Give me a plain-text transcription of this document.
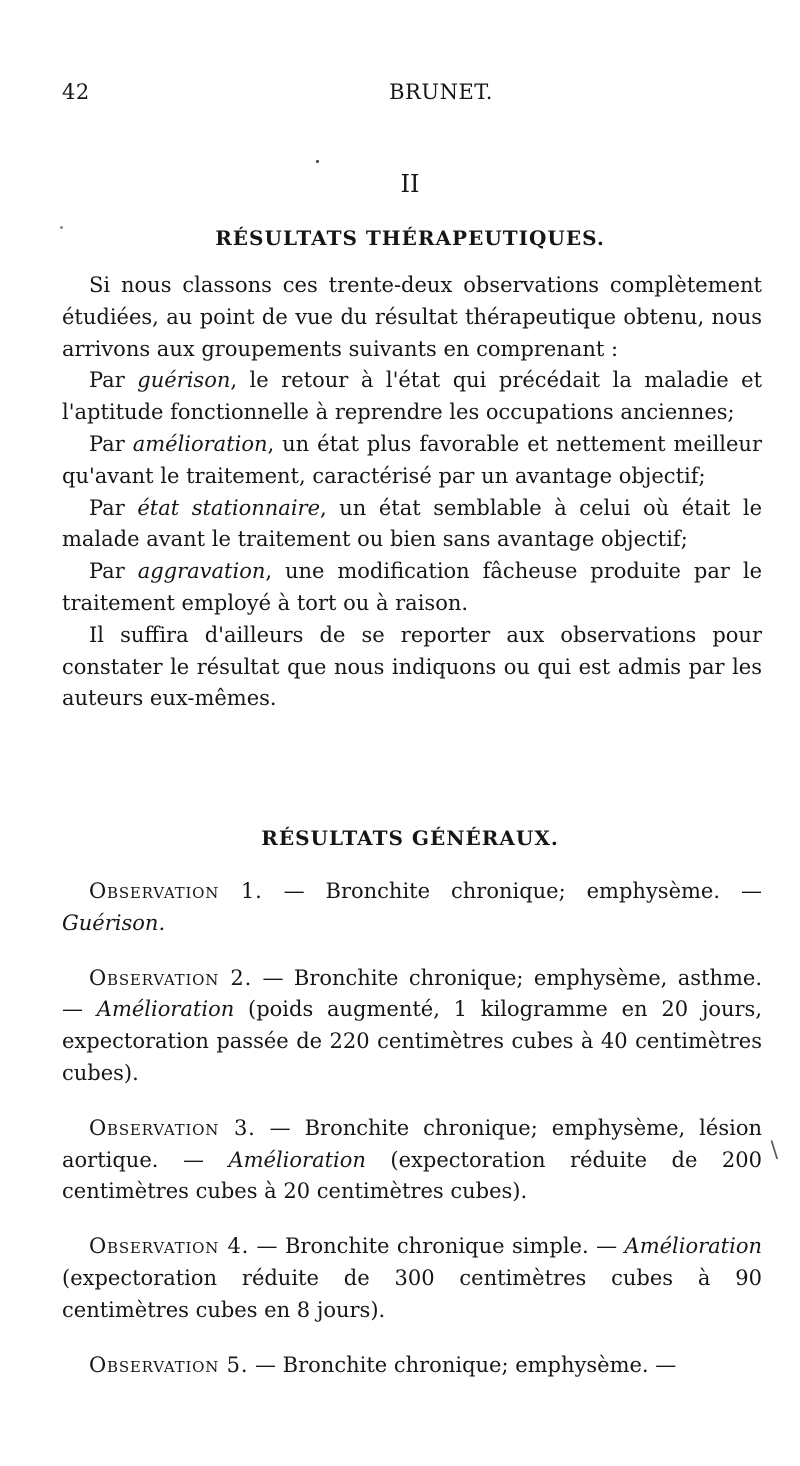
42	BRUNET.
II
RÉSULTATS THÉRAPEUTIQUES.

Si nous classons ces trente-deux observations complètement étudiées, au point de vue du résultat thérapeutique obtenu, nous arrivons aux groupements suivants en comprenant :

Par guérison, le retour à l'état qui précédait la maladie et l'aptitude fonctionnelle à reprendre les occupations anciennes;

Par amélioration, un état plus favorable et nettement meilleur qu'avant le traitement, caractérisé par un avantage objectif;

Par état stationnaire, un état semblable à celui où était le malade avant le traitement ou bien sans avantage objectif;

Par aggravation, une modification fâcheuse produite par le traitement employé à tort ou à raison.

Il suffira d'ailleurs de se reporter aux observations pour constater le résultat que nous indiquons ou qui est admis par les auteurs eux-mêmes.

RÉSULTATS GÉNÉRAUX.

Observation 1. — Bronchite chronique; emphysème. — Guérison.

Observation 2. — Bronchite chronique; emphysème, asthme. — Amélioration (poids augmenté, 1 kilogramme en 20 jours, expectoration passée de 220 centimètres cubes à 40 centimètres cubes).

Observation 3. — Bronchite chronique; emphysème, lésion aortique. — Amélioration (expectoration réduite de 200 centimètres cubes à 20 centimètres cubes).

Observation 4. — Bronchite chronique simple. — Amélioration (expectoration réduite de 300 centimètres cubes à 90 centimètres cubes en 8 jours).

Observation 5. — Bronchite chronique; emphysème. —

\
